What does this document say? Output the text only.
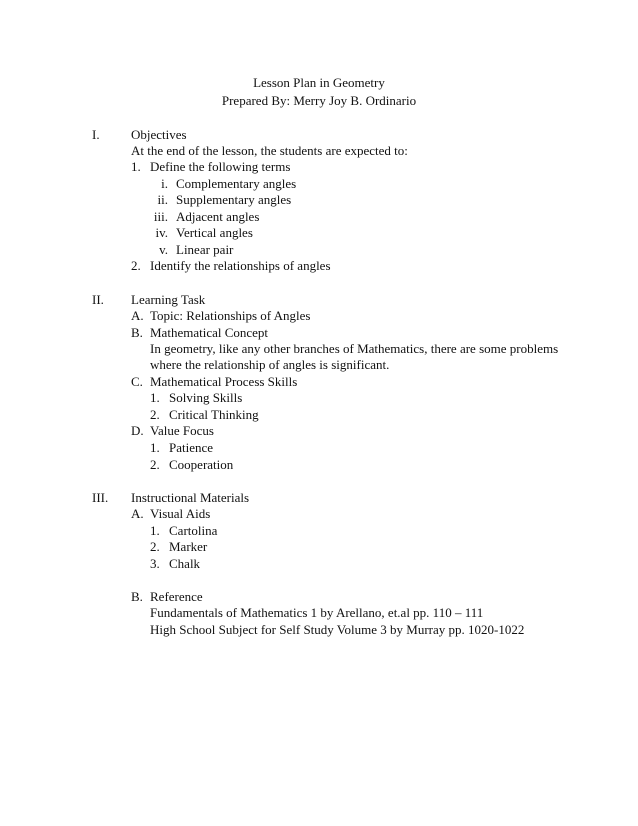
Lesson Plan in Geometry
Prepared By: Merry Joy B. Ordinario
I. Objectives
At the end of the lesson, the students are expected to:
1. Define the following terms
i. Complementary angles
ii. Supplementary angles
iii. Adjacent angles
iv. Vertical angles
v. Linear pair
2. Identify the relationships of angles
II. Learning Task
A. Topic: Relationships of Angles
B. Mathematical Concept
In geometry, like any other branches of Mathematics, there are some problems
where the relationship of angles is significant.
C. Mathematical Process Skills
1. Solving Skills
2. Critical Thinking
D. Value Focus
1. Patience
2. Cooperation
III. Instructional Materials
A. Visual Aids
1. Cartolina
2. Marker
3. Chalk
B. Reference
Fundamentals of Mathematics 1 by Arellano, et.al pp. 110 – 111
High School Subject for Self Study Volume 3 by Murray pp. 1020-1022
